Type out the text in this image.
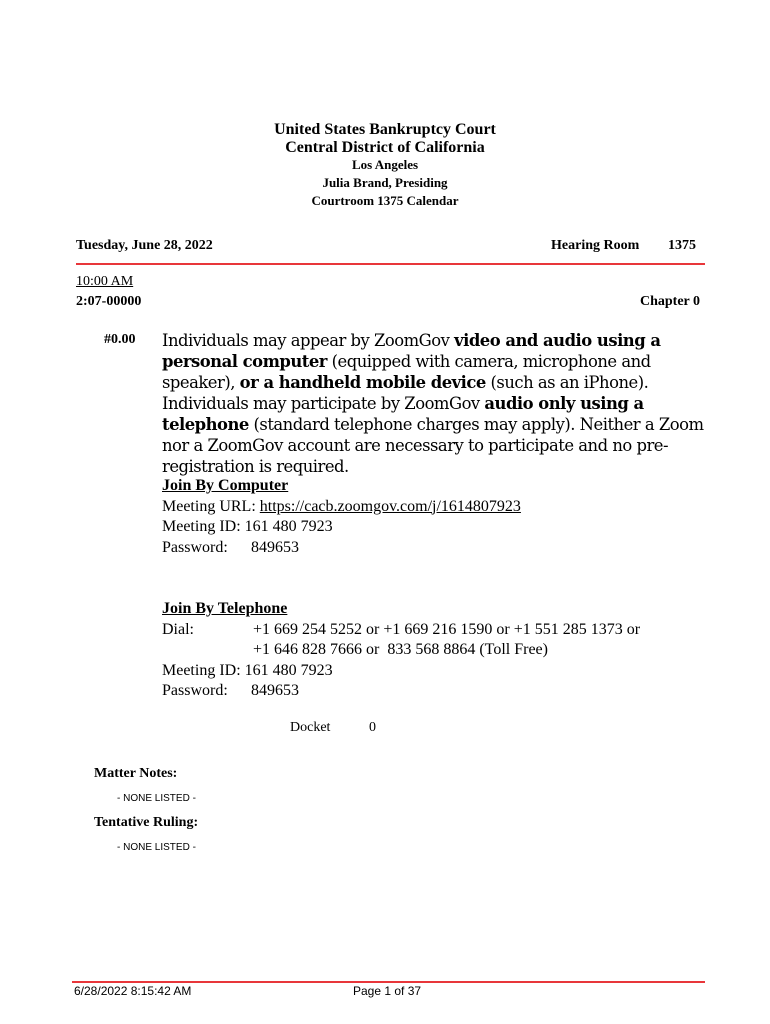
United States Bankruptcy Court
Central District of California
Los Angeles
Julia Brand, Presiding
Courtroom 1375 Calendar
Tuesday, June 28, 2022	Hearing Room 1375
10:00 AM
2:07-00000	Chapter 0
#0.00 Individuals may appear by ZoomGov video and audio using a personal computer (equipped with camera, microphone and speaker), or a handheld mobile device (such as an iPhone). Individuals may participate by ZoomGov audio only using a telephone (standard telephone charges may apply). Neither a Zoom nor a ZoomGov account are necessary to participate and no pre-registration is required.
Join By Computer
Meeting URL: https://cacb.zoomgov.com/j/1614807923
Meeting ID: 161 480 7923
Password:	849653
Join By Telephone
Dial:	+1 669 254 5252 or +1 669 216 1590 or +1 551 285 1373 or
+1 646 828 7666 or  833 568 8864 (Toll Free)
Meeting ID: 161 480 7923
Password:	849653
Docket	0
Matter Notes:
- NONE LISTED -
Tentative Ruling:
- NONE LISTED -
6/28/2022 8:15:42 AM	Page 1 of 37
